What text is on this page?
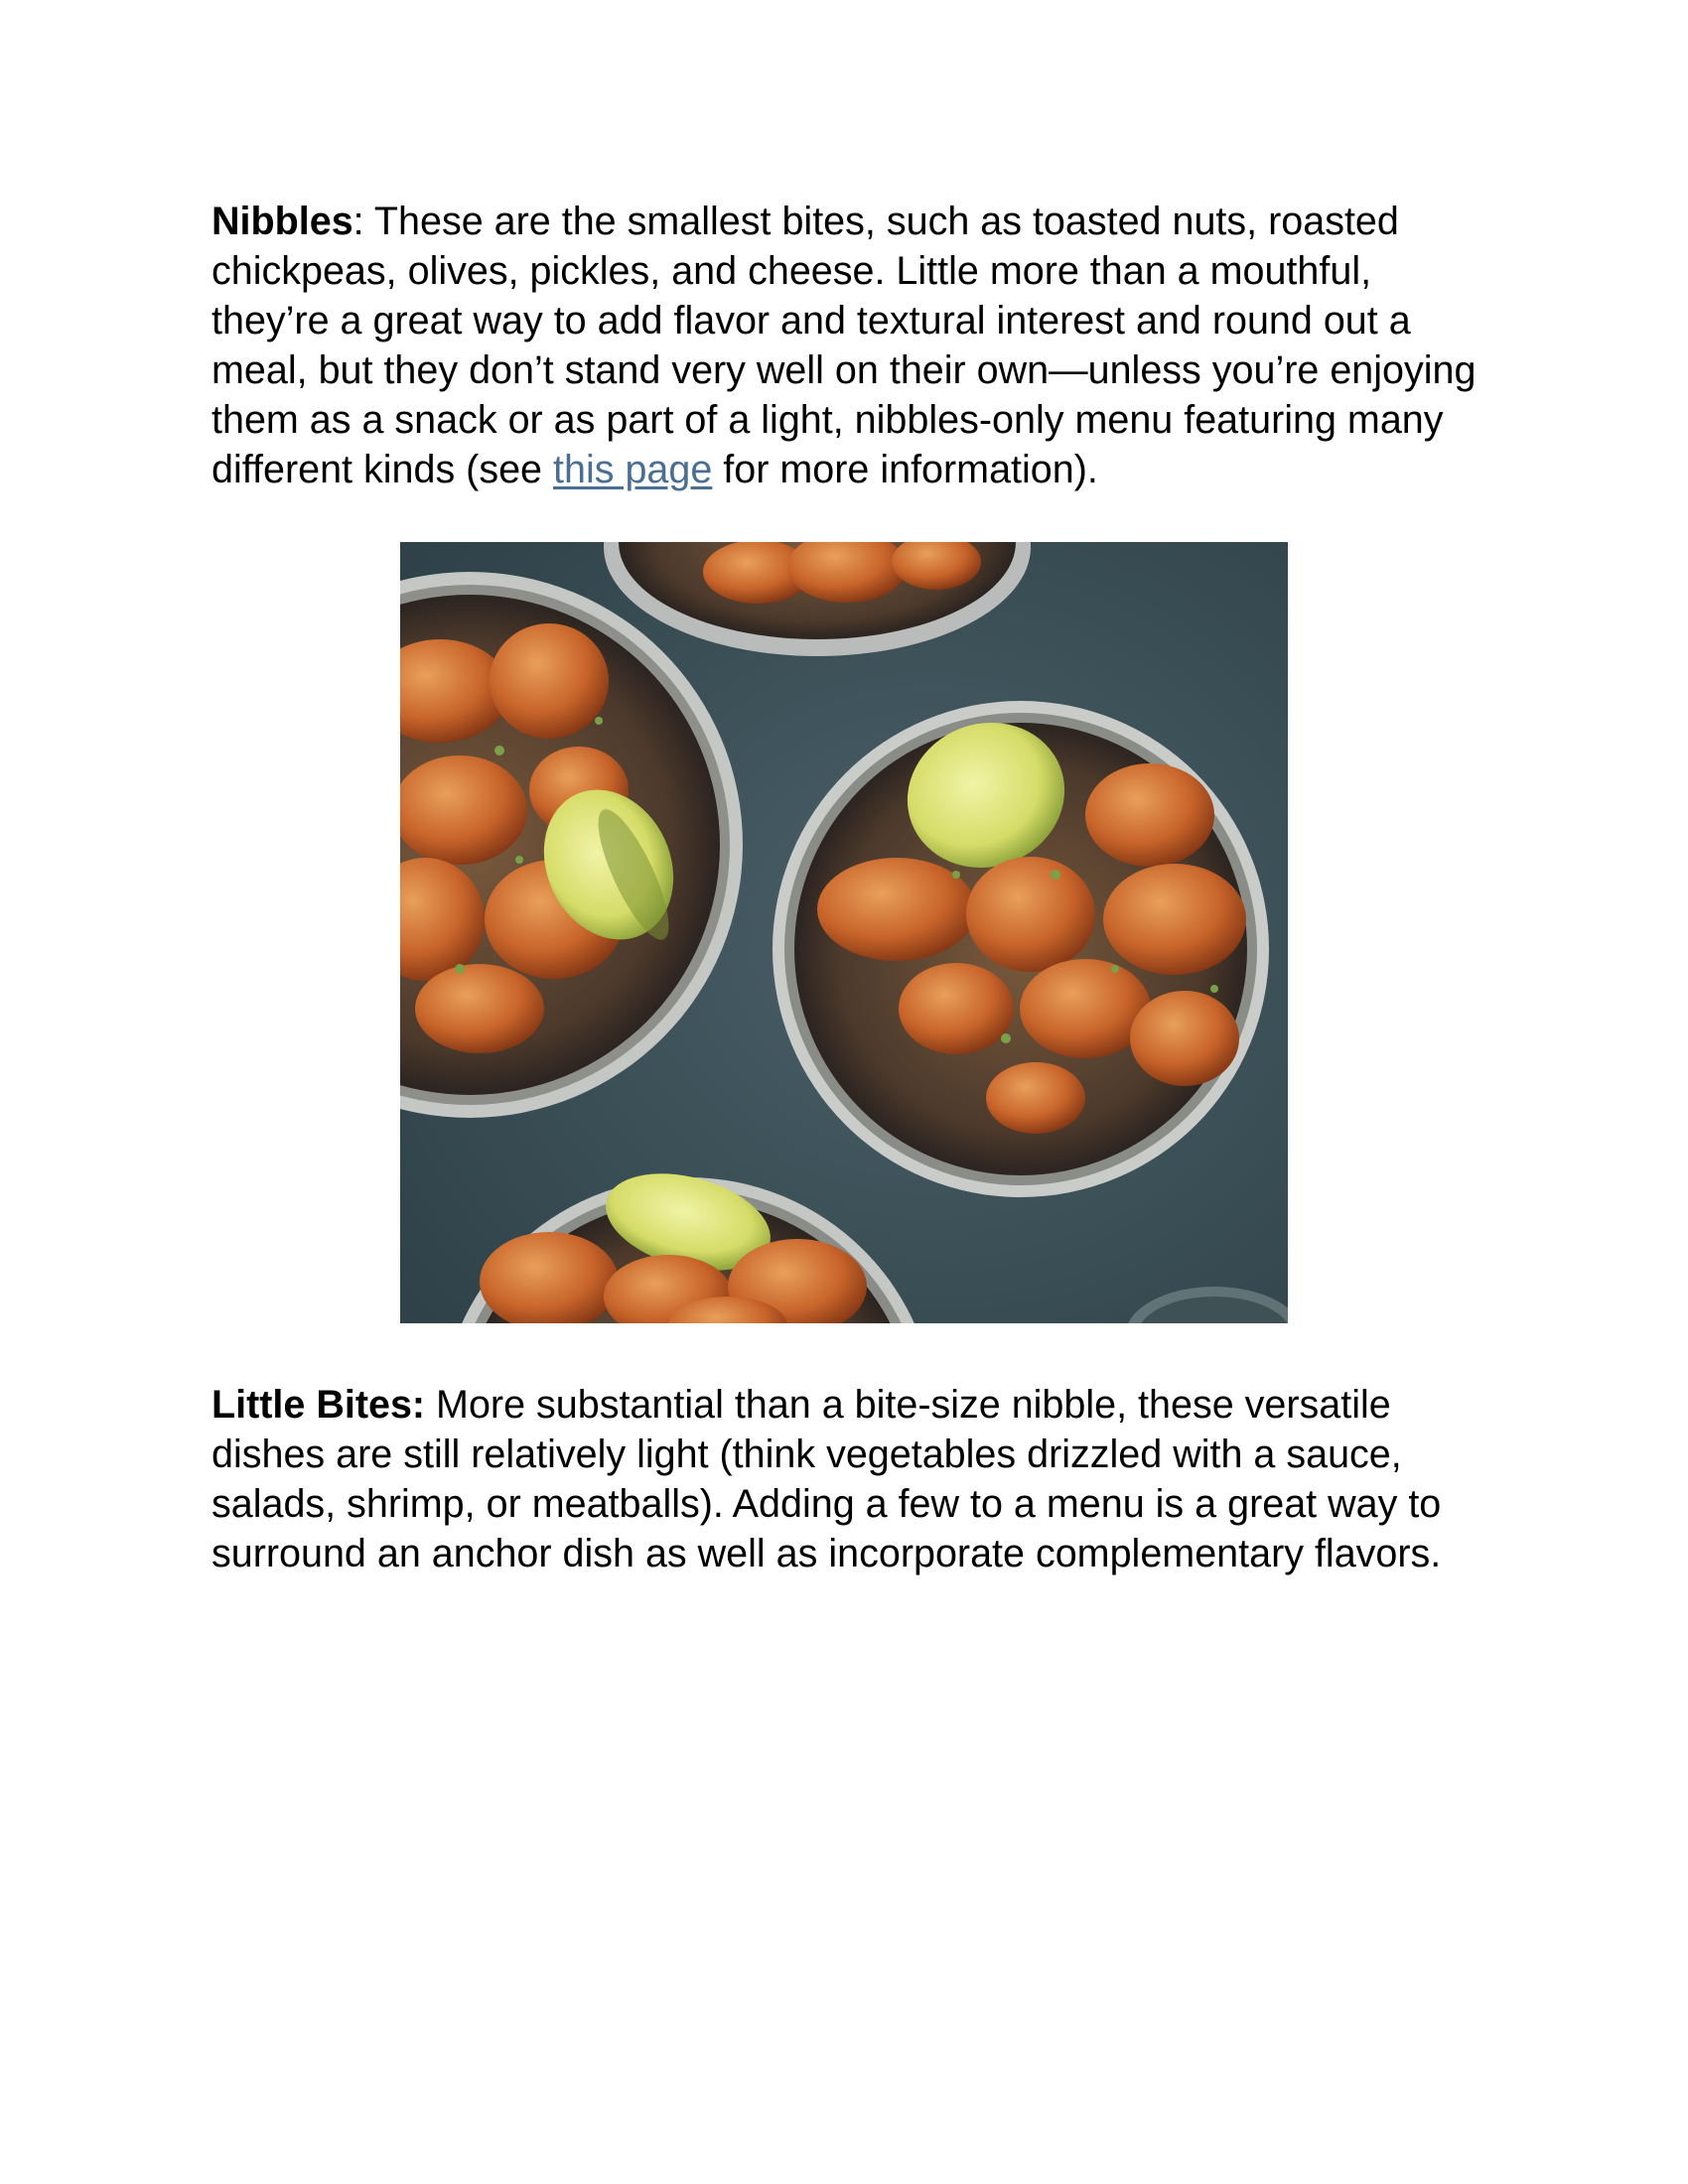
Nibbles: These are the smallest bites, such as toasted nuts, roasted chickpeas, olives, pickles, and cheese. Little more than a mouthful, they’re a great way to add flavor and textural interest and round out a meal, but they don’t stand very well on their own—unless you’re enjoying them as a snack or as part of a light, nibbles-only menu featuring many different kinds (see this page for more information).

Little Bites: More substantial than a bite-size nibble, these versatile dishes are still relatively light (think vegetables drizzled with a sauce, salads, shrimp, or meatballs). Adding a few to a menu is a great way to surround an anchor dish as well as incorporate complementary flavors.
